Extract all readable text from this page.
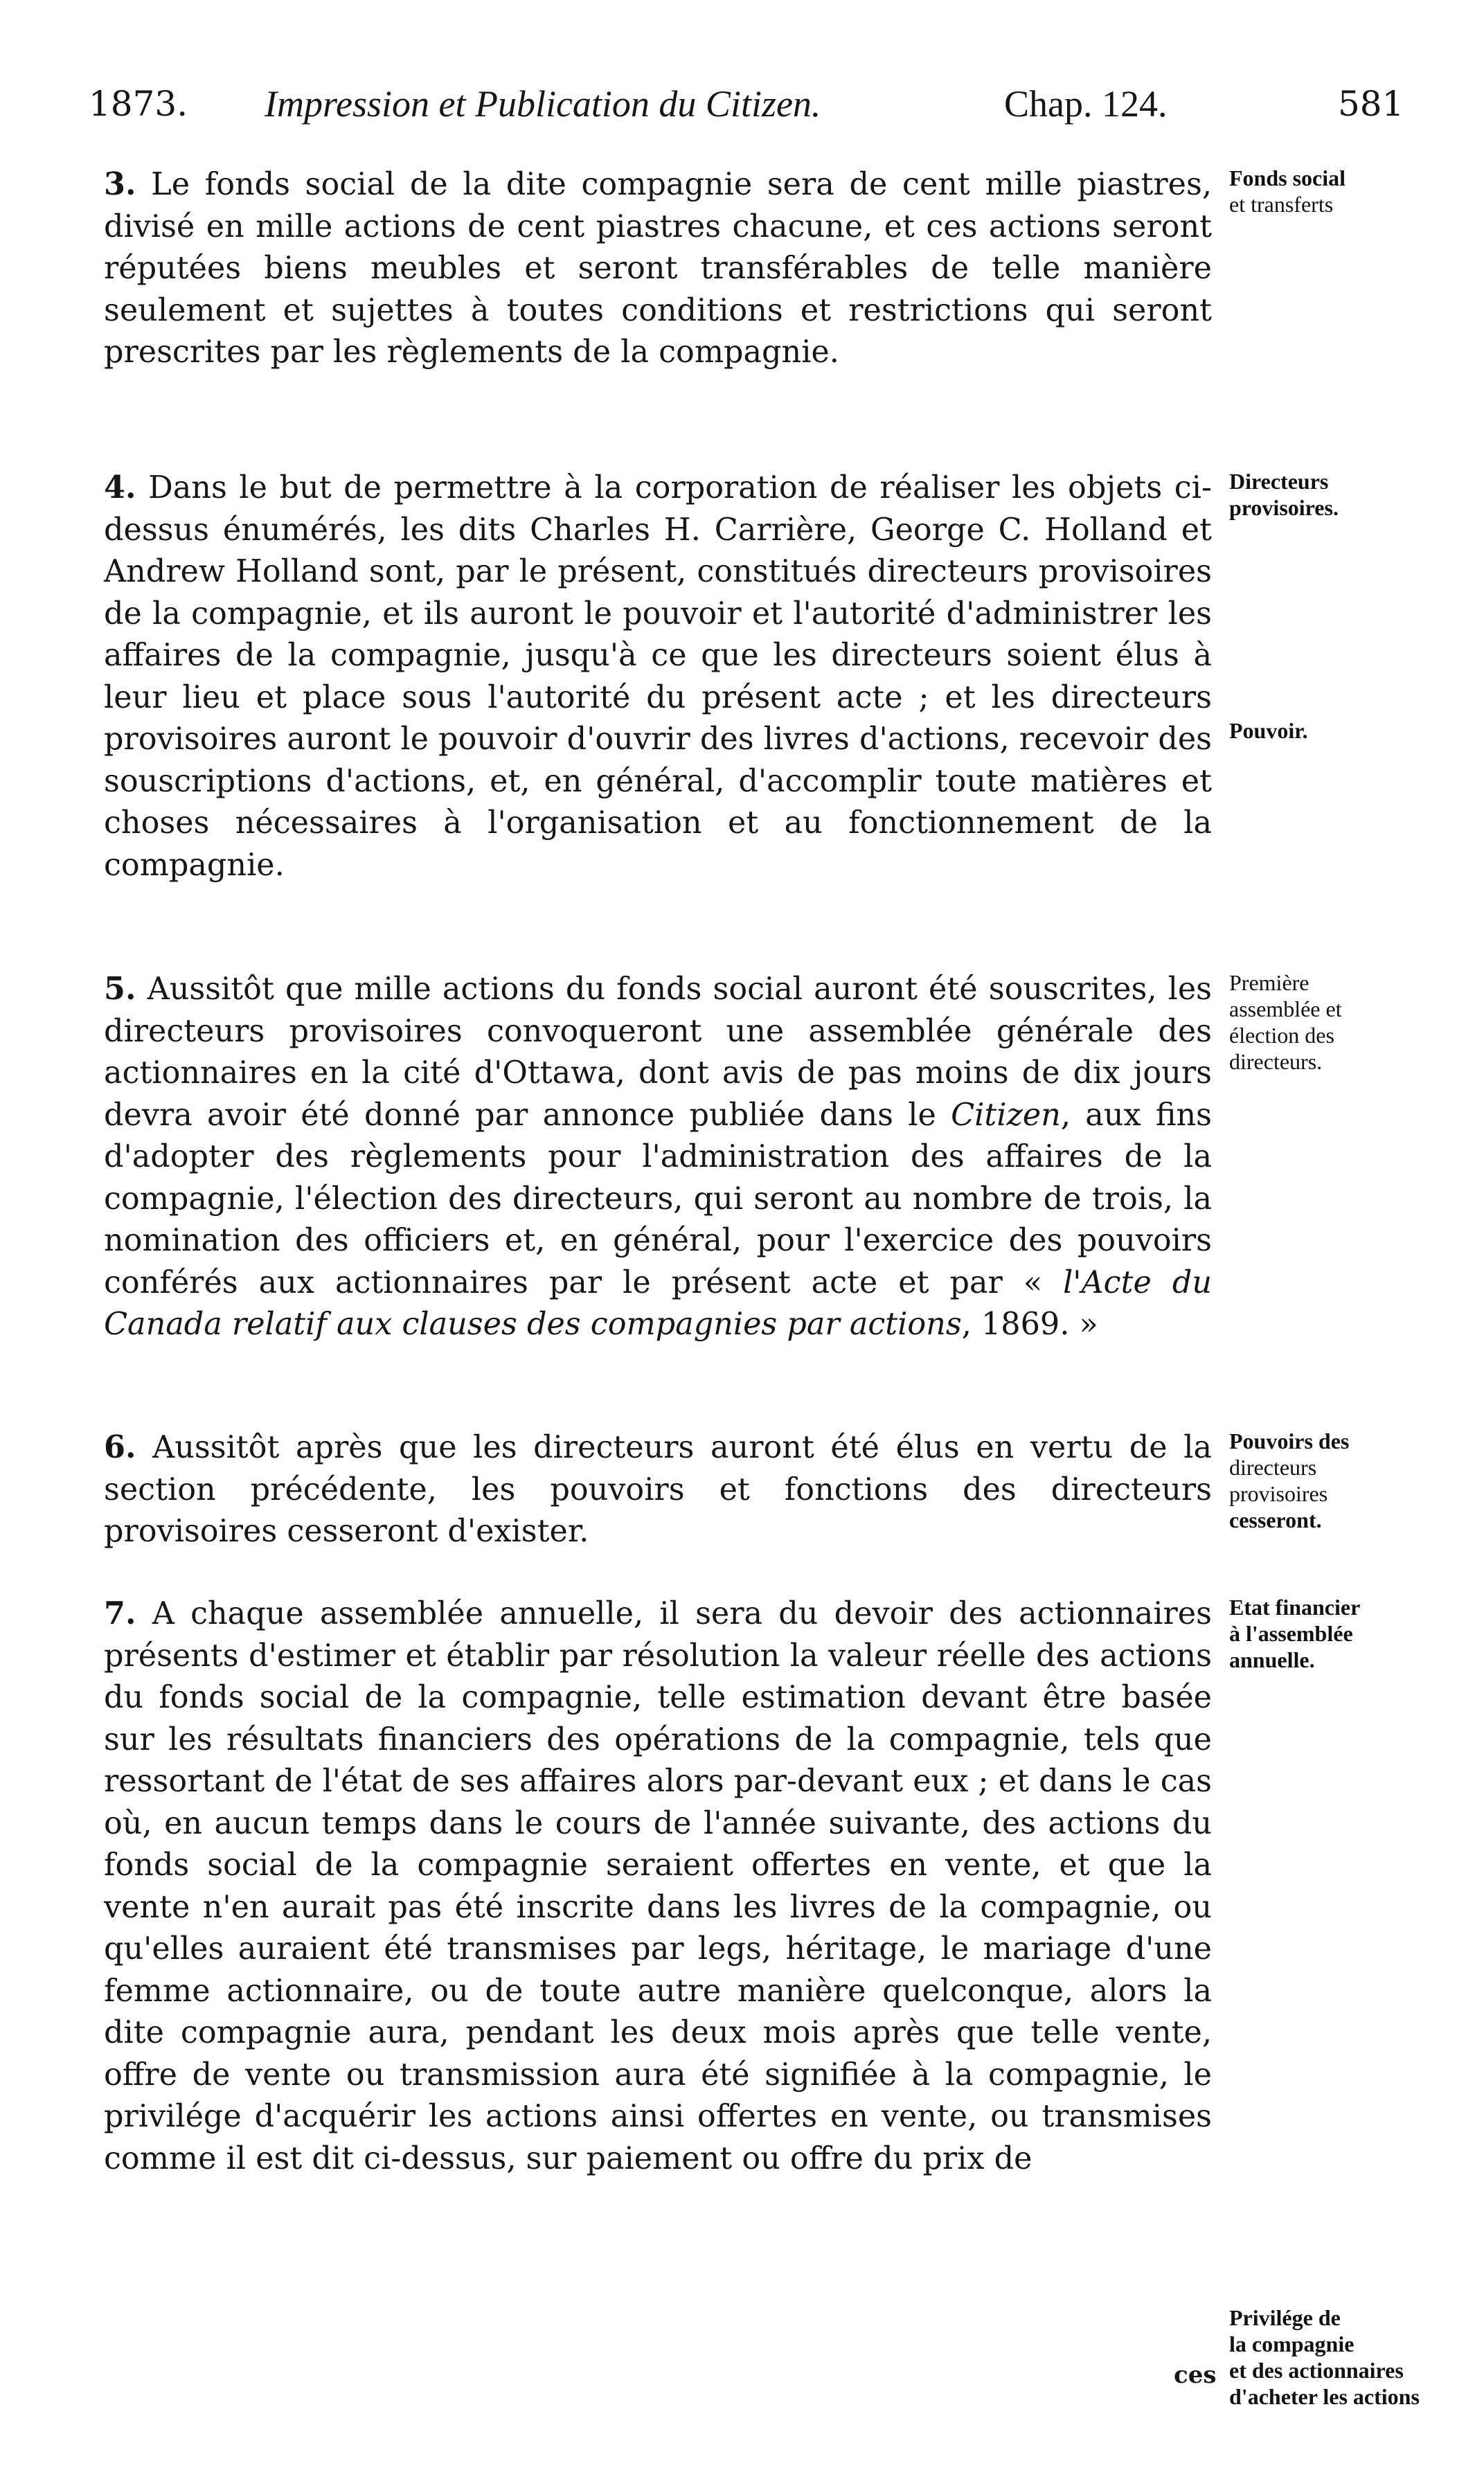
1873. Impression et Publication du Citizen.	Chap. 124.	581

3. Le fonds social de la dite compagnie sera de cent mille piastres, divisé en mille actions de cent piastres chacune, et ces actions seront réputées biens meubles et seront transférables de telle manière seulement et sujettes à toutes conditions et restrictions qui seront prescrites par les règlements de la compagnie.

Fonds social
et transferts

4. Dans le but de permettre à la corporation de réaliser les objets ci-dessus énumérés, les dits Charles H. Carrière, George C. Holland et Andrew Holland sont, par le présent, constitués directeurs provisoires de la compagnie, et ils auront le pouvoir et l'autorité d'administrer les affaires de la compagnie, jusqu'à ce que les directeurs soient élus à leur lieu et place sous l'autorité du présent acte ; et les directeurs provisoires auront le pouvoir d'ouvrir des livres d'actions, recevoir des souscriptions d'actions, et, en général, d'accomplir toute matières et choses nécessaires à l'organisation et au fonctionnement de la compagnie.

Directeurs
provisoires.
Pouvoir.

5. Aussitôt que mille actions du fonds social auront été souscrites, les directeurs provisoires convoqueront une assemblée générale des actionnaires en la cité d'Ottawa, dont avis de pas moins de dix jours devra avoir été donné par annonce publiée dans le Citizen, aux fins d'adopter des règlements pour l'administration des affaires de la compagnie, l'élection des directeurs, qui seront au nombre de trois, la nomination des officiers et, en général, pour l'exercice des pouvoirs conférés aux actionnaires par le présent acte et par « l'Acte du Canada relatif aux clauses des compagnies par actions, 1869. »

Première
assemblée et
élection des
directeurs.

6. Aussitôt après que les directeurs auront été élus en vertu de la section précédente, les pouvoirs et fonctions des directeurs provisoires cesseront d'exister.

Pouvoirs des
directeurs
provisoires
cesseront.

7. A chaque assemblée annuelle, il sera du devoir des actionnaires présents d'estimer et établir par résolution la valeur réelle des actions du fonds social de la compagnie, telle estimation devant être basée sur les résultats financiers des opérations de la compagnie, tels que ressortant de l'état de ses affaires alors par-devant eux ; et dans le cas où, en aucun temps dans le cours de l'année suivante, des actions du fonds social de la compagnie seraient offertes en vente, et que la vente n'en aurait pas été inscrite dans les livres de la compagnie, ou qu'elles auraient été transmises par legs, héritage, le mariage d'une femme actionnaire, ou de toute autre manière quelconque, alors la dite compagnie aura, pendant les deux mois après que telle vente, offre de vente ou transmission aura été signifiée à la compagnie, le privilége d'acquérir les actions ainsi offertes en vente, ou transmises comme il est dit ci-dessus, sur paiement ou offre du prix de

Etat financier
à l'assemblée
annuelle.
Privilége de
la compagnie
et des actionnaires
d'acheter les actions
ces
